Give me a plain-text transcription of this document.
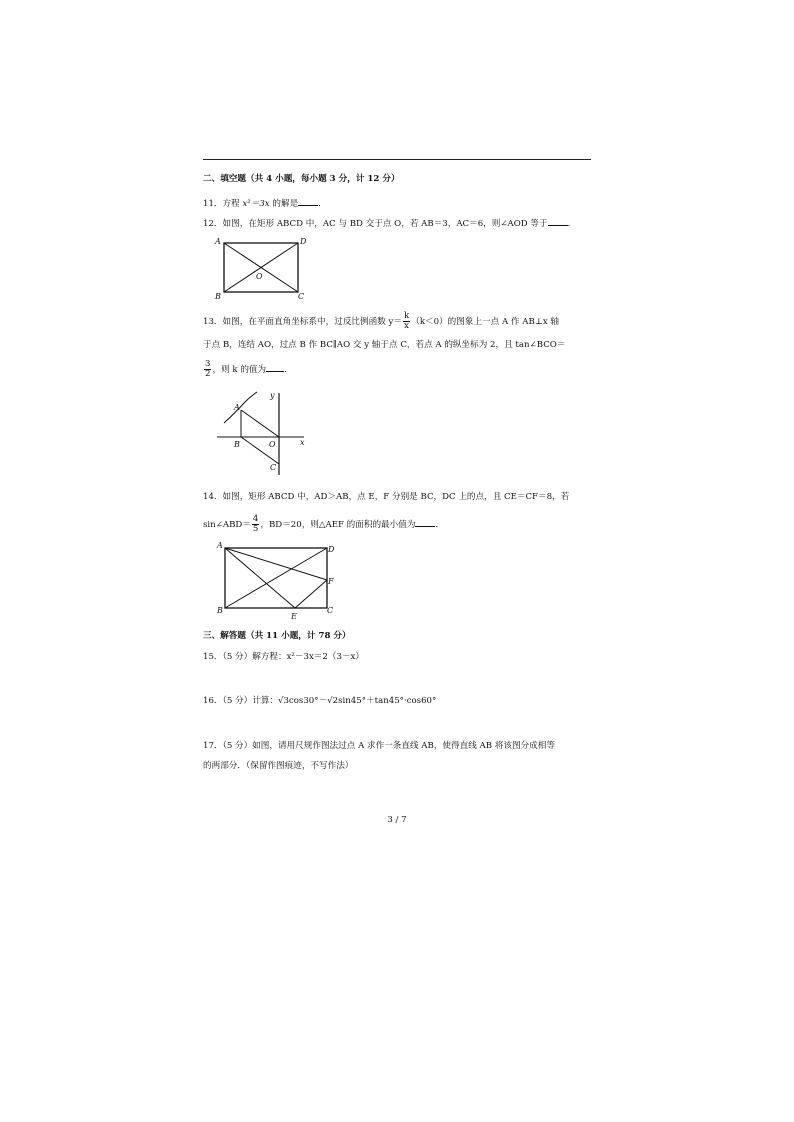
二、填空题（共 4 小题，每小题 3 分，计 12 分）
11．方程 x²＝3x 的解是 ．
12．如图，在矩形 ABCD 中，AC 与 BD 交于点 O，若 AB＝3，AC＝6，则∠AOD 等于 ．
A	D
B	C
O
13．如图，在平面直角坐标系中，过反比例函数 $y= \frac{k}{x} (k<0)$的图象上一点 A 作 AB⊥x 轴
于点 B，连结 AO，过点 B 作 BC∥AO 交 y 轴于点 C，若点 A 的纵坐标为 2，且 tan∠BCO＝
$\frac{3}{2}$ ，则 k 的值为 ．
A
B	O
C
x
y
14．如图，矩形 ABCD 中，AD＞AB，点 E，F 分别是 BC，DC 上的点，且 CE＝CF＝8，若
sin∠ABD＝ $\frac{4}{5}$ ，BD＝20，则△AEF 的面积的最小值为 ．
A	D
B	C
F
E
三、解答题（共 11 小题，计 78 分）
15．（5 分）解方程：x²－3x＝2（3－x）
16．（5 分）计算：√3cos30°－√2sin45°＋tan45°·cos60°
17．（5 分）如图，请用尺规作图法过点 A 求作一条直线 AB，使得直线 AB 将该图分成相等
的两部分．（保留作图痕迹，不写作法）
3 / 7
